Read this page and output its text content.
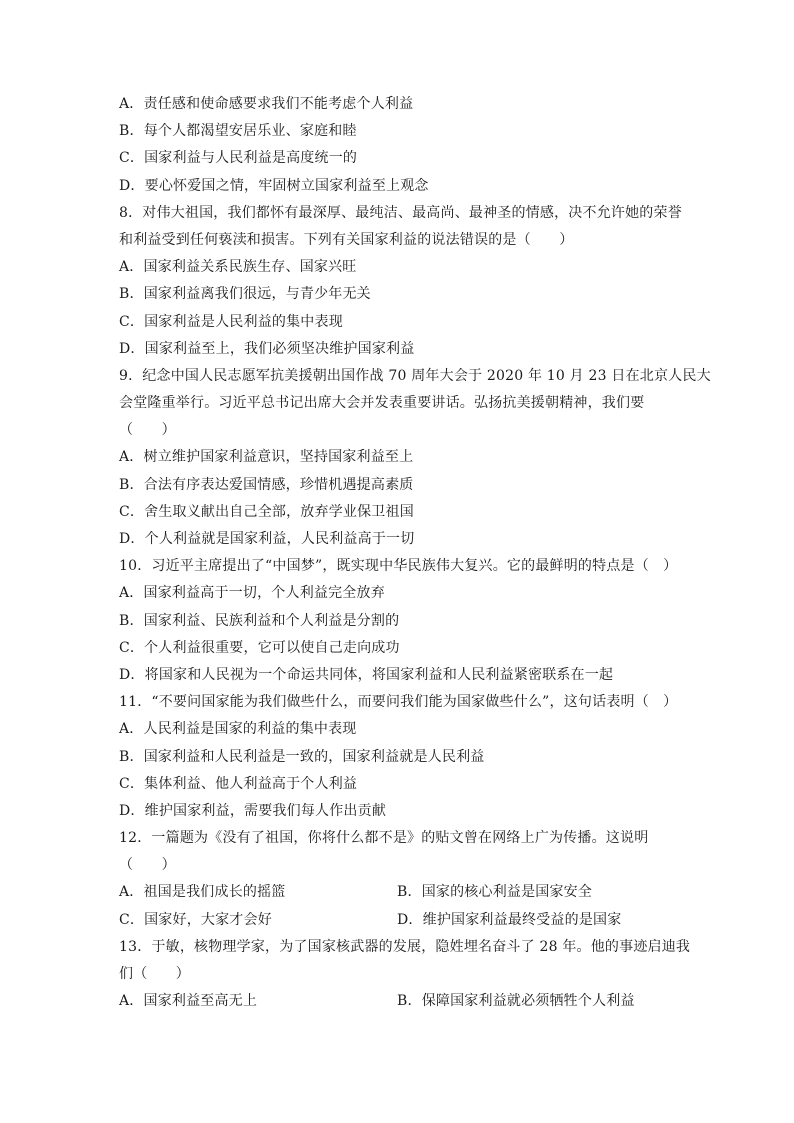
A．责任感和使命感要求我们不能考虑个人利益
B．每个人都渴望安居乐业、家庭和睦
C．国家利益与人民利益是高度统一的
D．要心怀爱国之情，牢固树立国家利益至上观念
8．对伟大祖国，我们都怀有最深厚、最纯洁、最高尚、最神圣的情感，决不允许她的荣誉
和利益受到任何亵渎和损害。下列有关国家利益的说法错误的是（　　）
A．国家利益关系民族生存、国家兴旺
B．国家利益离我们很远，与青少年无关
C．国家利益是人民利益的集中表现
D．国家利益至上，我们必须坚决维护国家利益
9．纪念中国人民志愿军抗美援朝出国作战 70 周年大会于 2020 年 10 月 23 日在北京人民大
会堂隆重举行。习近平总书记出席大会并发表重要讲话。弘扬抗美援朝精神，我们要
（　　）
A．树立维护国家利益意识，坚持国家利益至上
B．合法有序表达爱国情感，珍惜机遇提高素质
C．舍生取义献出自己全部，放弃学业保卫祖国
D．个人利益就是国家利益，人民利益高于一切
10．习近平主席提出了“中国梦”，既实现中华民族伟大复兴。它的最鲜明的特点是（　）
A．国家利益高于一切，个人利益完全放弃
B．国家利益、民族利益和个人利益是分割的
C．个人利益很重要，它可以使自己走向成功
D．将国家和人民视为一个命运共同体，将国家利益和人民利益紧密联系在一起
11．“不要问国家能为我们做些什么，而要问我们能为国家做些什么”，这句话表明（　）
A．人民利益是国家的利益的集中表现
B．国家利益和人民利益是一致的，国家利益就是人民利益
C．集体利益、他人利益高于个人利益
D．维护国家利益，需要我们每人作出贡献
12．一篇题为《没有了祖国，你将什么都不是》的贴文曾在网络上广为传播。这说明
（　　）
A．祖国是我们成长的摇篮	B．国家的核心利益是国家安全
C．国家好，大家才会好	D．维护国家利益最终受益的是国家
13．于敏，核物理学家，为了国家核武器的发展，隐姓埋名奋斗了 28 年。他的事迹启迪我
们（　　）
A．国家利益至高无上	B．保障国家利益就必须牺牲个人利益
